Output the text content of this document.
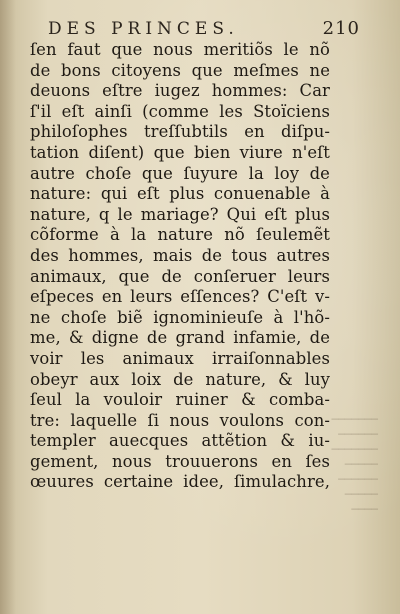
DES PRINCES.	210
ſen faut que nous meritiõs le nõ
de bons citoyens que meſmes ne
deuons eſtre iugez hommes: Car
ſ'il eſt ainſi (comme les Stoïciens
philoſophes treſſubtils en diſpu-
tation diſent) que bien viure n'eſt
autre choſe que ſuyure la loy de
nature: qui eſt plus conuenable à
nature, q le mariage? Qui eſt plus
cõforme à la nature nõ ſeulemẽt
des hommes, mais de tous autres
animaux, que de conſeruer leurs
eſpeces en leurs eſſences? C'eſt v-
ne choſe biẽ ignominieuſe à l'hõ-
me, & digne de grand infamie, de
voir les animaux irraiſonnables
obeyr aux loix de nature, & luy
ſeul la vouloir ruiner & comba-
tre: laquelle ſi nous voulons con-
templer auecques attẽtion & iu-
gement, nous trouuerons en ſes
œuures certaine idee, ſimulachre,
───────
──────
───────
─────
──────
─────
────
